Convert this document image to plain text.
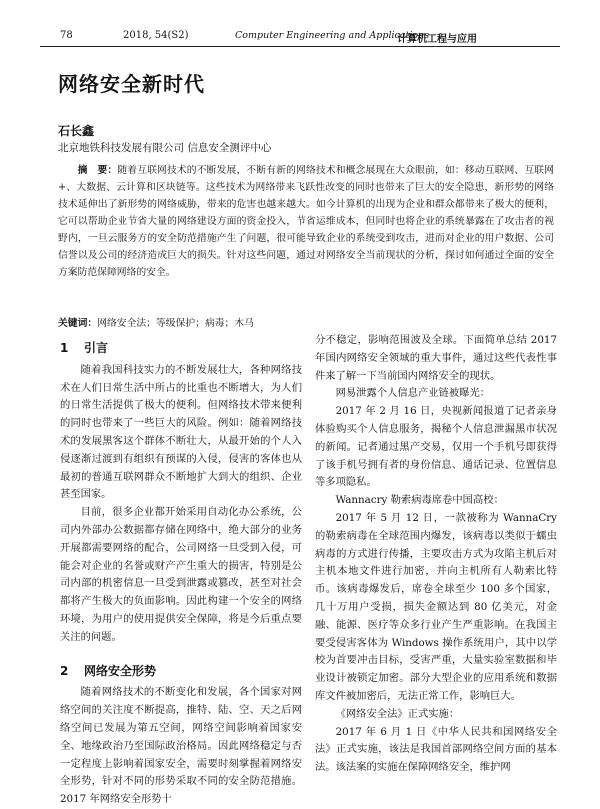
78	2018, 54(S2)	Computer Engineering and Applications
计算机工程与应用
网络安全新时代
石长鑫
北京地铁科技发展有限公司 信息安全测评中心
摘　要：随着互联网技术的不断发展，不断有新的网络技术和概念展现在大众眼前，如：移动互联网、互联网+、大数据、云计算和区块链等。这些技术为网络带来飞跃性改变的同时也带来了巨大的安全隐患，新形势的网络技术延伸出了新形势的网络威胁，带来的危害也越来越大。如今计算机的出现为企业和群众都带来了极大的便利，它可以帮助企业节省大量的网络建设方面的资金投入，节省运维成本，但同时也将企业的系统暴露在了攻击者的视野内，一旦云服务方的安全防范措施产生了问题，很可能导致企业的系统受到攻击，进而对企业的用户数据、公司信誉以及公司的经济造成巨大的损失。针对这些问题，通过对网络安全当前现状的分析，探讨如何通过全面的安全方案防范保障网络的安全。
关键词：网络安全法；等级保护；病毒；木马
1 引言

随着我国科技实力的不断发展壮大，各种网络技术在人们日常生活中所占的比重也不断增大，为人们的日常生活提供了极大的便利。但网络技术带来便利的同时也带来了一些巨大的风险。例如：随着网络技术的发展黑客这个群体不断壮大，从最开始的个人入侵逐渐过渡到有组织有预谋的入侵，侵害的客体也从最初的普通互联网群众不断地扩大到大的组织、企业甚至国家。

目前，很多企业都开始采用自动化办公系统，公司内外部办公数据都存储在网络中，绝大部分的业务开展都需要网络的配合，公司网络一旦受到入侵，可能会对企业的名誉或财产产生重大的损害，特别是公司内部的机密信息一旦受到泄露或篡改，甚至对社会都将产生极大的负面影响。因此构建一个安全的网络环境，为用户的使用提供安全保障，将是今后重点要关注的问题。

2 网络安全形势

随着网络技术的不断变化和发展，各个国家对网络空间的关注度不断提高，推特、陆、空、天之后网络空间已发展为第五空间，网络空间影响着国家安全、地缘政治乃至国际政治格局。因此网络稳定与否一定程度上影响着国家安全，需要时刻掌握着网络安全形势，针对不同的形势采取不同的安全防范措施。2017 年网络安全形势十

分不稳定，影响范围波及全球。下面简单总结 2017 年国内网络安全领域的重大事件，通过这些代表性事件来了解一下当前国内网络安全的现状。

网易泄露个人信息产业链被曝光：

2017 年 2 月 16 日，央视新闻报道了记者亲身体验购买个人信息服务，揭秘个人信息泄漏黑市状况的新闻。记者通过黑产交易，仅用一个手机号即获得了该手机号拥有者的身份信息、通话记录、位置信息等多项隐私。

Wannacry 勒索病毒席卷中国高校：

2017 年 5 月 12 日，一款被称为 WannaCry 的勒索病毒在全球范围内爆发，该病毒以类似于蠕虫病毒的方式进行传播，主要攻击方式为攻陷主机后对主机本地文件进行加密，并向主机所有人勒索比特币。该病毒爆发后，席卷全球至少 100 多个国家，几十万用户受损，损失金额达到 80 亿美元，对金融、能源、医疗等众多行业产生严重影响。在我国主要受侵害客体为 Windows 操作系统用户，其中以学校为首要冲击目标，受害严重，大量实验室数据和毕业设计被锁定加密。部分大型企业的应用系统和数据库文件被加密后，无法正常工作，影响巨大。

《网络安全法》正式实施：

2017 年 6 月 1 日《中华人民共和国网络安全法》正式实施，该法是我国首部网络空间方面的基本法。该法案的实施在保障网络安全，维护网
